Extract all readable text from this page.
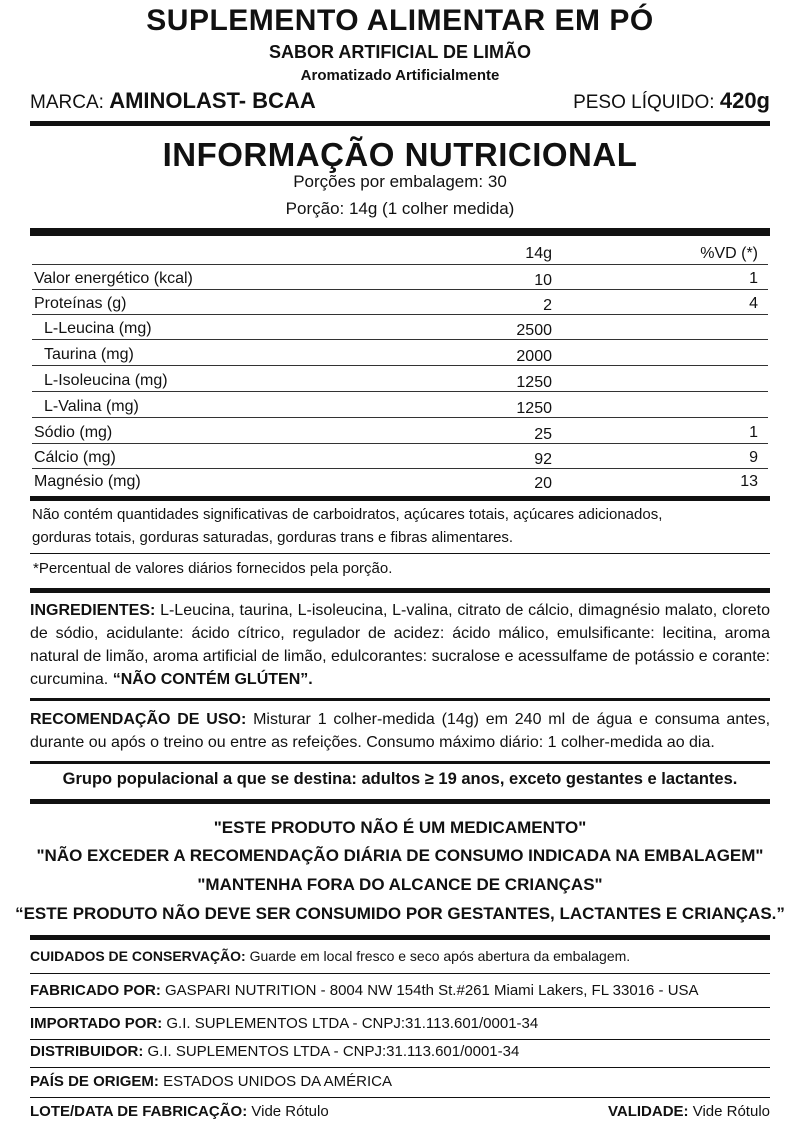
SUPLEMENTO ALIMENTAR EM PÓ
SABOR ARTIFICIAL DE LIMÃO
Aromatizado Artificialmente
MARCA: AMINOLAST- BCAA	PESO LÍQUIDO: 420g
INFORMAÇÃO NUTRICIONAL
Porções por embalagem: 30
Porção: 14g (1 colher medida)
14g	%VD (*)
Valor energético (kcal)	10	1
Proteínas (g)	2	4
L-Leucina (mg)	2500
Taurina (mg)	2000
L-Isoleucina (mg)	1250
L-Valina (mg)	1250
Sódio (mg)	25	1
Cálcio (mg)	92	9
Magnésio (mg)	20	13
Não contém quantidades significativas de carboidratos, açúcares totais, açúcares adicionados,
gorduras totais, gorduras saturadas, gorduras trans e fibras alimentares.
*Percentual de valores diários fornecidos pela porção.
INGREDIENTES: L-Leucina, taurina, L-isoleucina, L-valina, citrato de cálcio, dimagnésio malato, cloreto de sódio, acidulante: ácido cítrico, regulador de acidez: ácido málico, emulsificante: lecitina, aroma natural de limão, aroma artificial de limão, edulcorantes: sucralose e acessulfame de potássio e corante: curcumina. “NÃO CONTÉM GLÚTEN”.
RECOMENDAÇÃO DE USO: Misturar 1 colher-medida (14g) em 240 ml de água e consuma antes, durante ou após o treino ou entre as refeições. Consumo máximo diário: 1 colher-medida ao dia.
Grupo populacional a que se destina: adultos ≥ 19 anos, exceto gestantes e lactantes.
"ESTE PRODUTO NÃO É UM MEDICAMENTO"
"NÃO EXCEDER A RECOMENDAÇÃO DIÁRIA DE CONSUMO INDICADA NA EMBALAGEM"
"MANTENHA FORA DO ALCANCE DE CRIANÇAS"
“ESTE PRODUTO NÃO DEVE SER CONSUMIDO POR GESTANTES, LACTANTES E CRIANÇAS.”
CUIDADOS DE CONSERVAÇÃO: Guarde em local fresco e seco após abertura da embalagem.
FABRICADO POR: GASPARI NUTRITION - 8004 NW 154th St.#261 Miami Lakers, FL 33016 - USA
IMPORTADO POR: G.I. SUPLEMENTOS LTDA - CNPJ:31.113.601/0001-34
DISTRIBUIDOR: G.I. SUPLEMENTOS LTDA - CNPJ:31.113.601/0001-34
PAÍS DE ORIGEM: ESTADOS UNIDOS DA AMÉRICA
LOTE/DATA DE FABRICAÇÃO: Vide Rótulo	VALIDADE: Vide Rótulo
